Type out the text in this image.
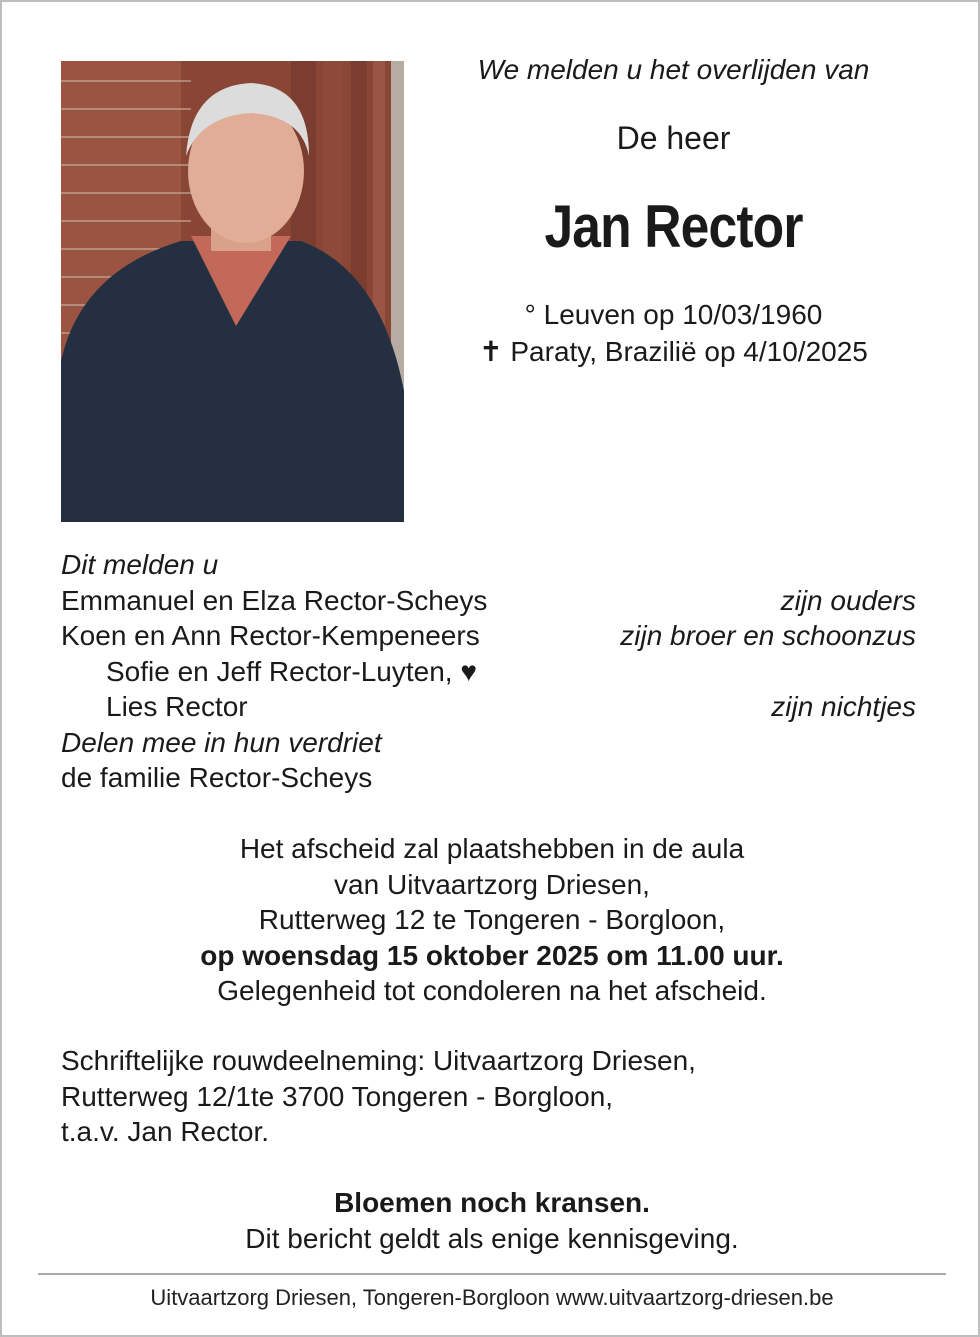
We melden u het overlijden van
De heer
Jan Rector
° Leuven op 10/03/1960
✝ Paraty, Brazilië op 4/10/2025
Dit melden u
Emmanuel en Elza Rector-Scheys	zijn ouders
Koen en Ann Rector-Kempeneers	zijn broer en schoonzus
Sofie en Jeff Rector-Luyten, ♥
Lies Rector	zijn nichtjes
Delen mee in hun verdriet
de familie Rector-Scheys
Het afscheid zal plaatshebben in de aula
van Uitvaartzorg Driesen,
Rutterweg 12 te Tongeren - Borgloon,
op woensdag 15 oktober 2025 om 11.00 uur.
Gelegenheid tot condoleren na het afscheid.
Schriftelijke rouwdeelneming: Uitvaartzorg Driesen,
Rutterweg 12/1te 3700 Tongeren - Borgloon,
t.a.v. Jan Rector.
Bloemen noch kransen.
Dit bericht geldt als enige kennisgeving.
Uitvaartzorg Driesen, Tongeren-Borgloon www.uitvaartzorg-driesen.be
